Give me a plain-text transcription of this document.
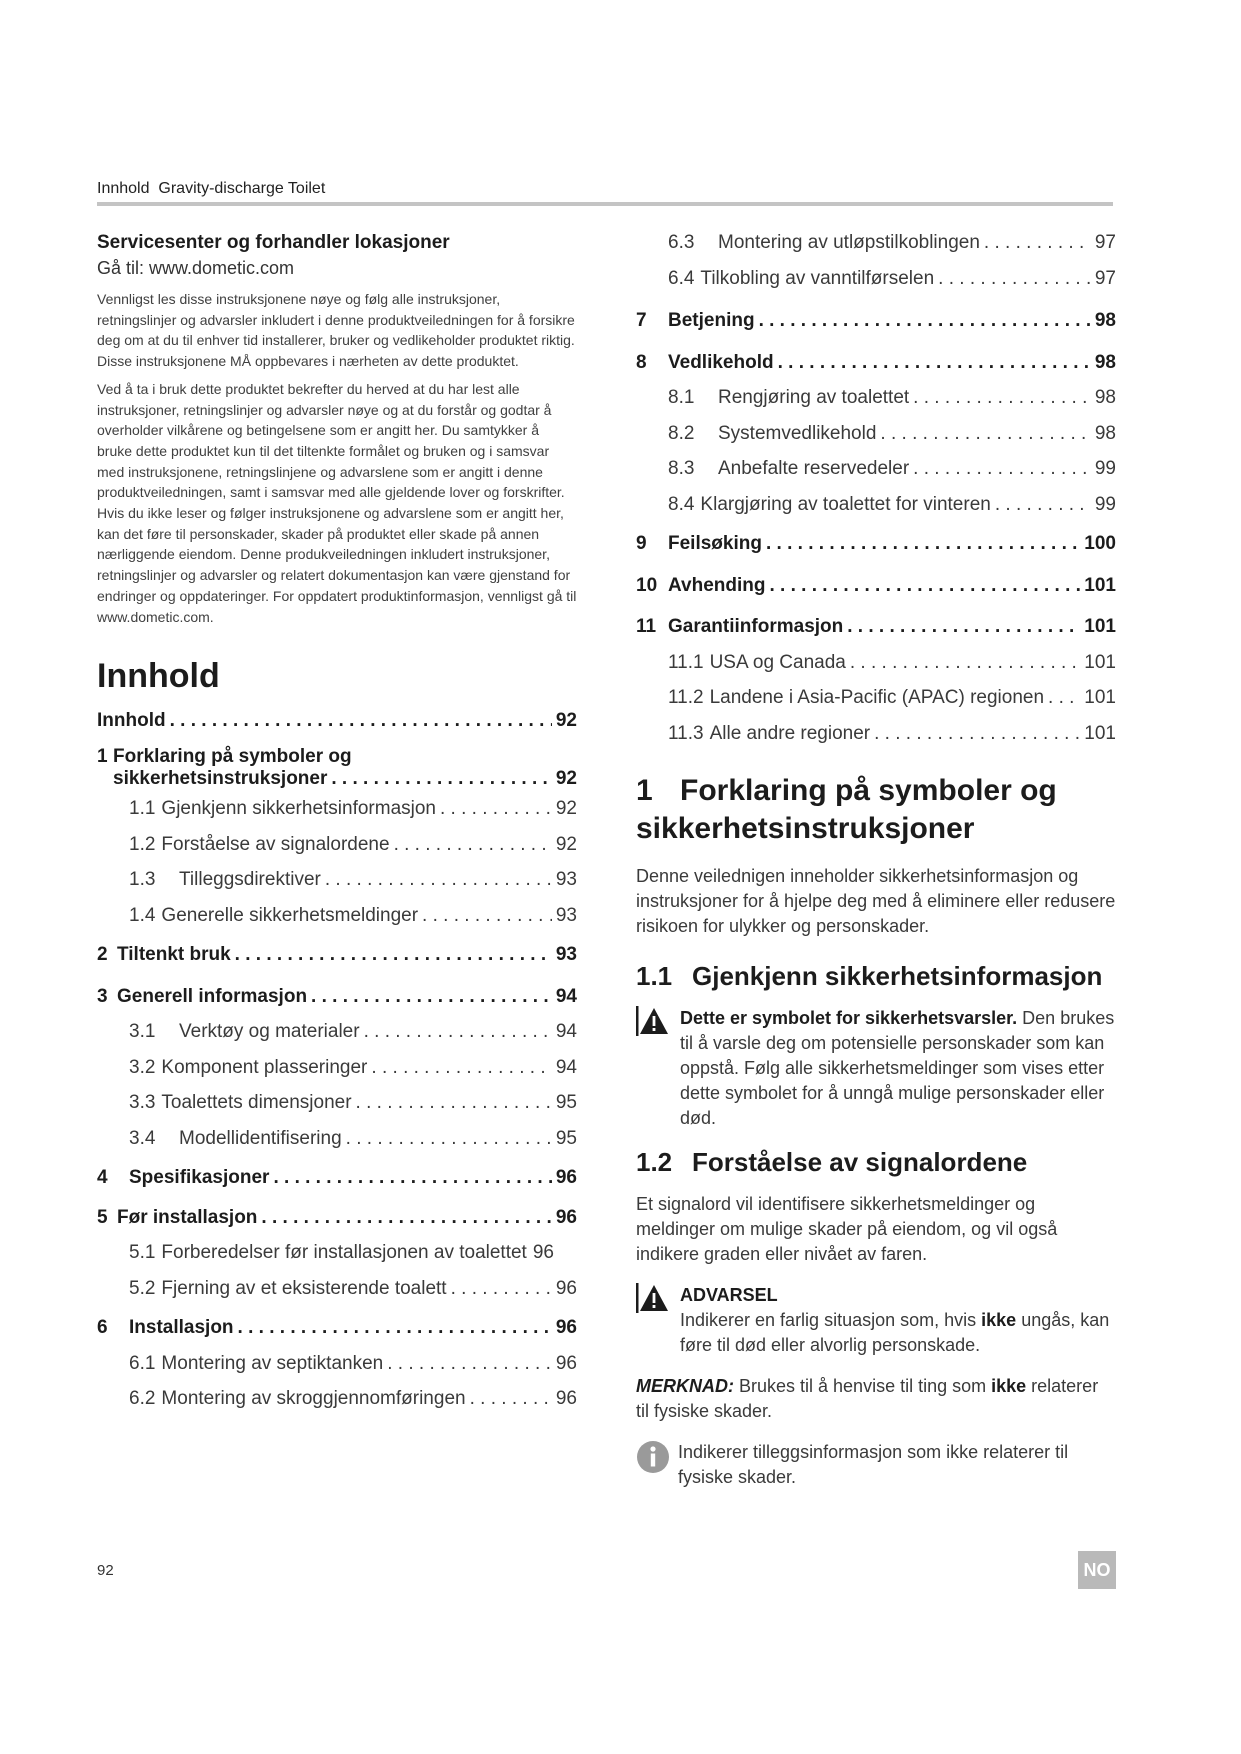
Innhold Gravity-discharge Toilet

Servicesenter og forhandler lokasjoner

Gå til: www.dometic.com

Vennligst les disse instruksjonene nøye og følg alle instruksjoner, retningslinjer og advarsler inkludert i denne produktveiledningen for å forsikre deg om at du til enhver tid installerer, bruker og vedlikeholder produktet riktig. Disse instruksjonene MÅ oppbevares i nærheten av dette produktet.

Ved å ta i bruk dette produktet bekrefter du herved at du har lest alle instruksjoner, retningslinjer og advarsler nøye og at du forstår og godtar å overholder vilkårene og betingelsene som er angitt her. Du samtykker å bruke dette produktet kun til det tiltenkte formålet og bruken og i samsvar med instruksjonene, retningslinjene og advarslene som er angitt i denne produktveiledningen, samt i samsvar med alle gjeldende lover og forskrifter. Hvis du ikke leser og følger instruksjonene og advarslene som er angitt her, kan det føre til personskader, skader på produktet eller skade på annen nærliggende eiendom. Denne produkveiledningen inkludert instruksjoner, retningslinjer og advarsler og relatert dokumentasjon kan være gjenstand for endringer og oppdateringer. For oppdatert produktinformasjon, vennligst gå til www.dometic.com.

Innhold
Innhold . . .	92
1 Forklaring på symboler og
sikkerhetsinstruksjoner . . .	92
1.1 Gjenkjenn sikkerhetsinformasjon . . .	92
1.2 Forståelse av signalordene . . .	92
1.3 Tilleggsdirektiver . . .	93
1.4 Generelle sikkerhetsmeldinger . . .	93
2 Tiltenkt bruk . . .	93
3 Generell informasjon . . .	94
3.1 Verktøy og materialer . . .	94
3.2 Komponent plasseringer . . .	94
3.3 Toalettets dimensjoner . . .	95
3.4 Modellidentifisering . . .	95
4 Spesifikasjoner . . .	96
5 Før installasjon . . .	96
5.1 Forberedelser før installasjonen av toalettet 96
5.2 Fjerning av et eksisterende toalett . . .	96
6 Installasjon . . .	96
6.1 Montering av septiktanken . . .	96
6.2 Montering av skroggjennomføringen . . .	96
6.3 Montering av utløpstilkoblingen . . .	97
6.4 Tilkobling av vanntilførselen . . .	97
7 Betjening . . .	98
8 Vedlikehold . . .	98
8.1 Rengjøring av toalettet . . .	98
8.2 Systemvedlikehold . . .	98
8.3 Anbefalte reservedeler . . .	99
8.4 Klargjøring av toalettet for vinteren . . .	99
9 Feilsøking . . .	100
10 Avhending . . .	101
11 Garantiinformasjon . . .	101
11.1 USA og Canada . . .	101
11.2 Landene i Asia-Pacific (APAC) regionen . . . 101
11.3 Alle andre regioner . . .	101
1 Forklaring på symboler og sikkerhetsinstruksjoner

Denne veilednigen inneholder sikkerhetsinformasjon og instruksjoner for å hjelpe deg med å eliminere eller redusere risikoen for ulykker og personskader.

1.1 Gjenkjenn sikkerhetsinformasjon
Dette er symbolet for sikkerhetsvarsler. Den brukes til å varsle deg om potensielle personskader som kan oppstå. Følg alle sikkerhetsmeldinger som vises etter dette symbolet for å unngå mulige personskader eller død.
1.2 Forståelse av signalordene

Et signalord vil identifisere sikkerhetsmeldinger og meldinger om mulige skader på eiendom, og vil også indikere graden eller nivået av faren.

ADVARSEL
Indikerer en farlig situasjon som, hvis ikke ungås, kan føre til død eller alvorlig personskade.

MERKNAD: Brukes til å henvise til ting som ikke relaterer til fysiske skader.

Indikerer tilleggsinformasjon som ikke relaterer til fysiske skader.
92	NO
